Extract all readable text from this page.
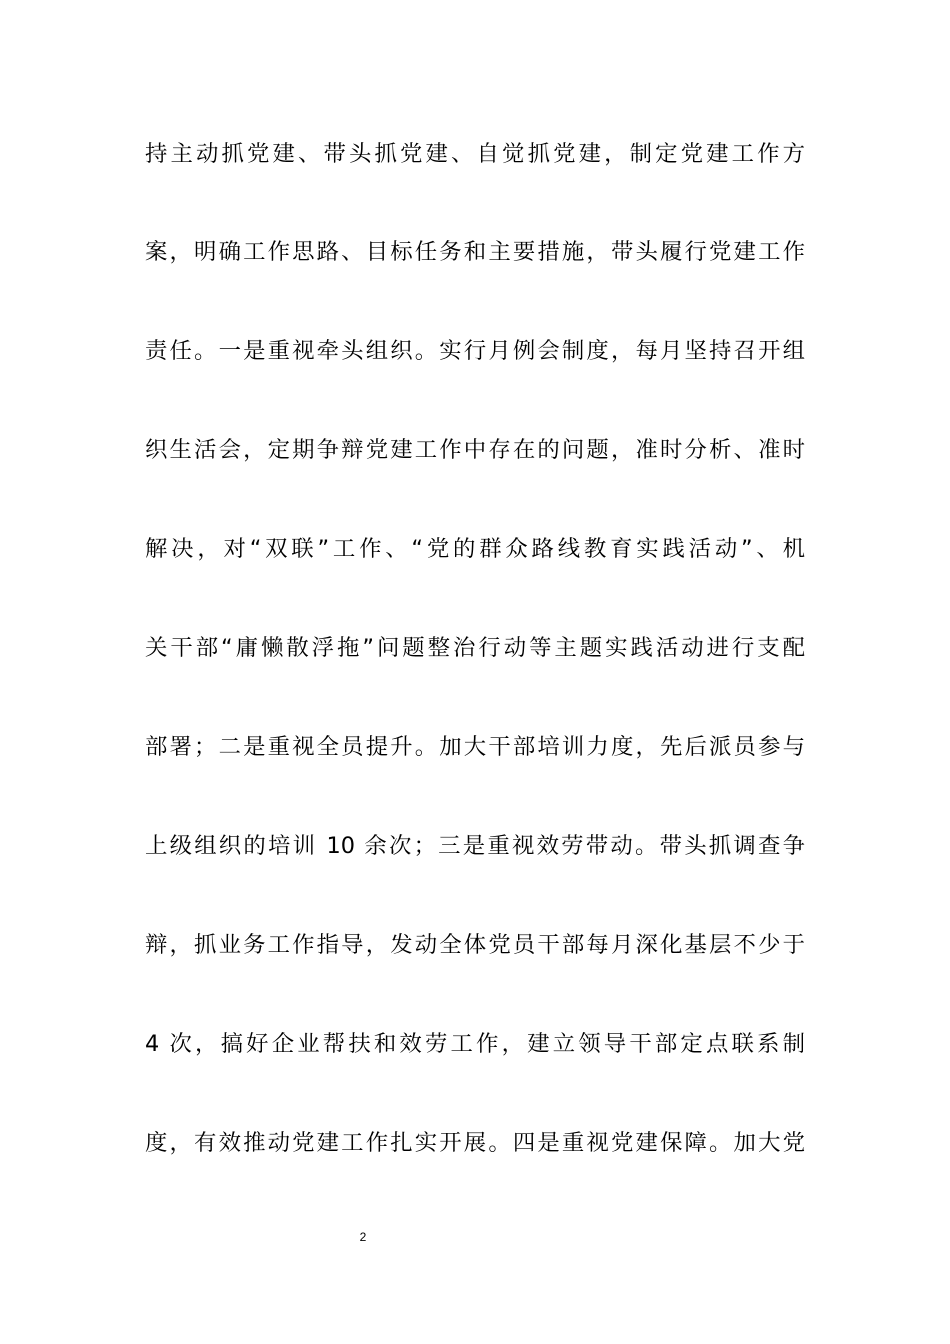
持主动抓党建、带头抓党建、自觉抓党建，制定党建工作方
案，明确工作思路、目标任务和主要措施，带头履行党建工作
责任。一是重视牵头组织。实行月例会制度，每月坚持召开组
织生活会，定期争辩党建工作中存在的问题，准时分析、准时
解决，对“双联”工作、“党的群众路线教育实践活动”、机
关干部“庸懒散浮拖”问题整治行动等主题实践活动进行支配
部署；二是重视全员提升。加大干部培训力度，先后派员参与
上级组织的培训 10 余次；三是重视效劳带动。带头抓调查争
辩，抓业务工作指导，发动全体党员干部每月深化基层不少于
4 次，搞好企业帮扶和效劳工作，建立领导干部定点联系制
度，有效推动党建工作扎实开展。四是重视党建保障。加大党
2
